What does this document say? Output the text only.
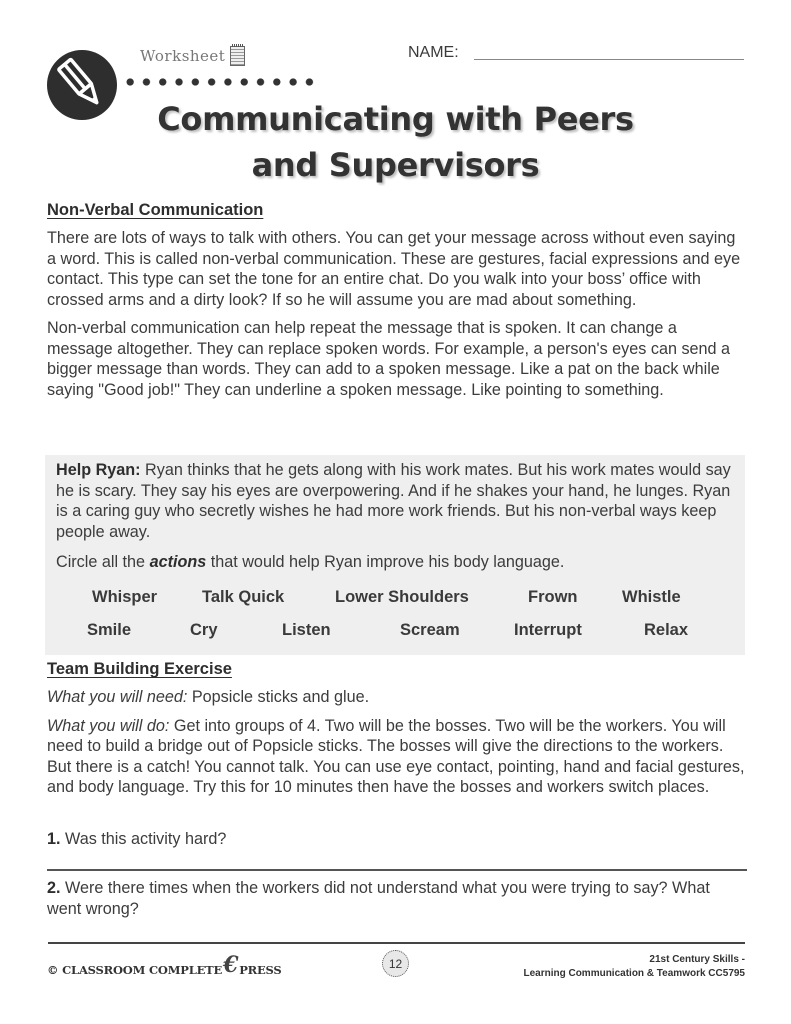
Worksheet	NAME:
Communicating with Peers
and Supervisors
Non-Verbal Communication

There are lots of ways to talk with others. You can get your message across without even saying a word. This is called non-verbal communication. These are gestures, facial expressions and eye contact. This type can set the tone for an entire chat. Do you walk into your boss’ office with crossed arms and a dirty look? If so he will assume you are mad about something.

Non-verbal communication can help repeat the message that is spoken. It can change a message altogether. They can replace spoken words. For example, a person's eyes can send a bigger message than words. They can add to a spoken message. Like a pat on the back while saying "Good job!" They can underline a spoken message. Like pointing to something.

Help Ryan: Ryan thinks that he gets along with his work mates. But his work mates would say he is scary. They say his eyes are overpowering. And if he shakes your hand, he lunges. Ryan is a caring guy who secretly wishes he had more work friends. But his non-verbal ways keep people away.

Circle all the actions that would help Ryan improve his body language.

Whisper	Talk Quick	Lower Shoulders	Frown	Whistle
Smile	Cry	Listen	Scream	Interrupt	Relax
Team Building Exercise

What you will need: Popsicle sticks and glue.

What you will do: Get into groups of 4. Two will be the bosses. Two will be the workers. You will need to build a bridge out of Popsicle sticks. The bosses will give the directions to the workers. But there is a catch! You cannot talk. You can use eye contact, pointing, hand and facial gestures, and body language. Try this for 10 minutes then have the bosses and workers switch places.

1. Was this activity hard?
2. Were there times when the workers did not understand what you were trying to say? What went wrong?
© CLASSROOM COMPLETE€PRESS	12	21st Century Skills -
Learning Communication & Teamwork CC5795
